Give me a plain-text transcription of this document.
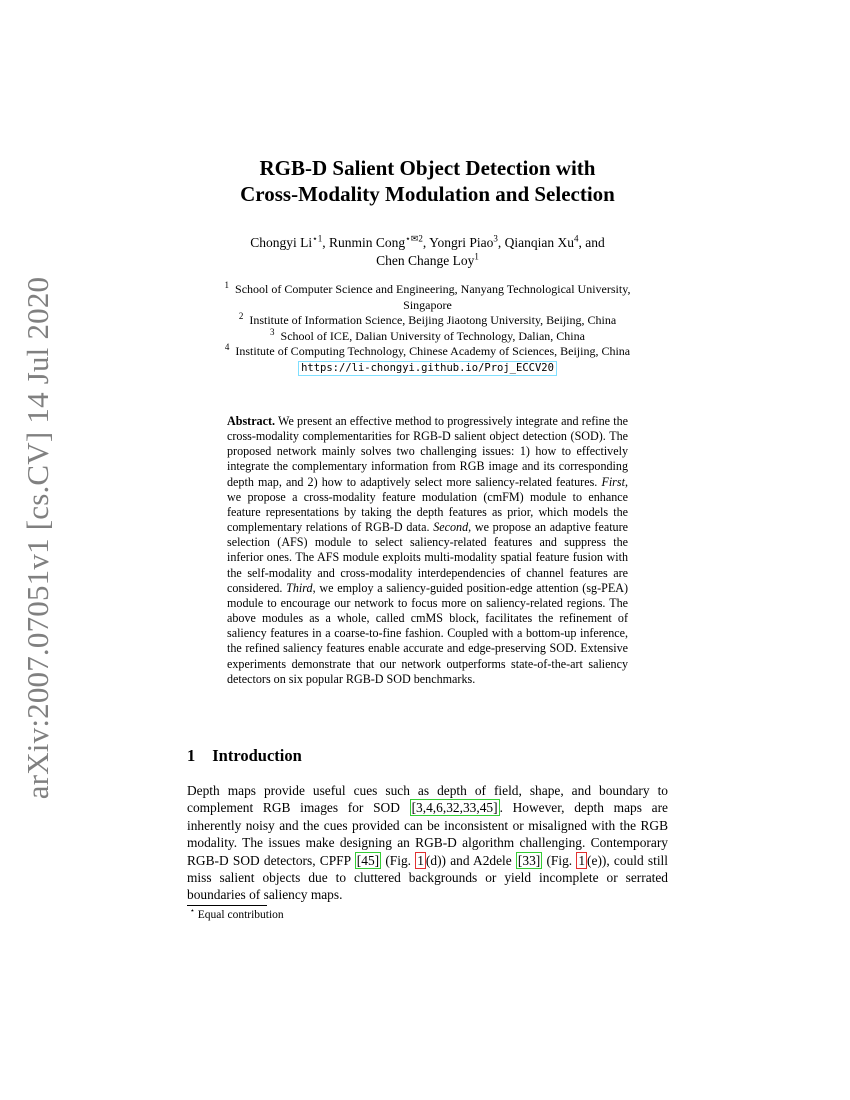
arXiv:2007.07051v1 [cs.CV] 14 Jul 2020
RGB-D Salient Object Detection with
Cross-Modality Modulation and Selection
Chongyi $Li^{⋆1}$, Runmin Cong$^{⋆✉2}$, Yongri Piao$^3$, Qianqian Xu$^4$, and
Chen Change Loy$^1$
$^1$ School of Computer Science and Engineering, Nanyang Technological University,
Singapore
$^2$ Institute of Information Science, Beijing Jiaotong University, Beijing, China
$^3$ School of ICE, Dalian University of Technology, Dalian, China
$^4$ Institute of Computing Technology, Chinese Academy of Sciences, Beijing, China
https://li-chongyi.github.io/Proj_ECCV20
Abstract. We present an effective method to progressively integrate and refine the cross-modality complementarities for RGB-D salient object detection (SOD). The proposed network mainly solves two challenging issues: 1) how to effectively integrate the complementary information from RGB image and its corresponding depth map, and 2) how to adaptively select more saliency-related features. First, we propose a cross-modality feature modulation (cmFM) module to enhance feature representations by taking the depth features as prior, which models the complementary relations of RGB-D data. Second, we propose an adaptive feature selection (AFS) module to select saliency-related features and suppress the inferior ones. The AFS module exploits multi-modality spatial feature fusion with the self-modality and cross-modality interdependencies of channel features are considered. Third, we employ a saliency-guided position-edge attention (sg-PEA) module to encourage our network to focus more on saliency-related regions. The above modules as a whole, called cmMS block, facilitates the refinement of saliency features in a coarse-to-fine fashion. Coupled with a bottom-up inference, the refined saliency features enable accurate and edge-preserving SOD. Extensive experiments demonstrate that our network outperforms state-of-the-art saliency detectors on six popular RGB-D SOD benchmarks.
1 Introduction
Depth maps provide useful cues such as depth of field, shape, and boundary to complement RGB images for SOD [3,4,6,32,33,45] . However, depth maps are inherently noisy and the cues provided can be inconsistent or misaligned with the RGB modality. The issues make designing an RGB-D algorithm challenging. Contemporary RGB-D SOD detectors, CPFP [45] (Fig. 1 (d)) and A2dele [33] (Fig. 1 (e)), could still miss salient objects due to cluttered backgrounds or yield incomplete or serrated boundaries of saliency maps.
⋆ Equal contribution
